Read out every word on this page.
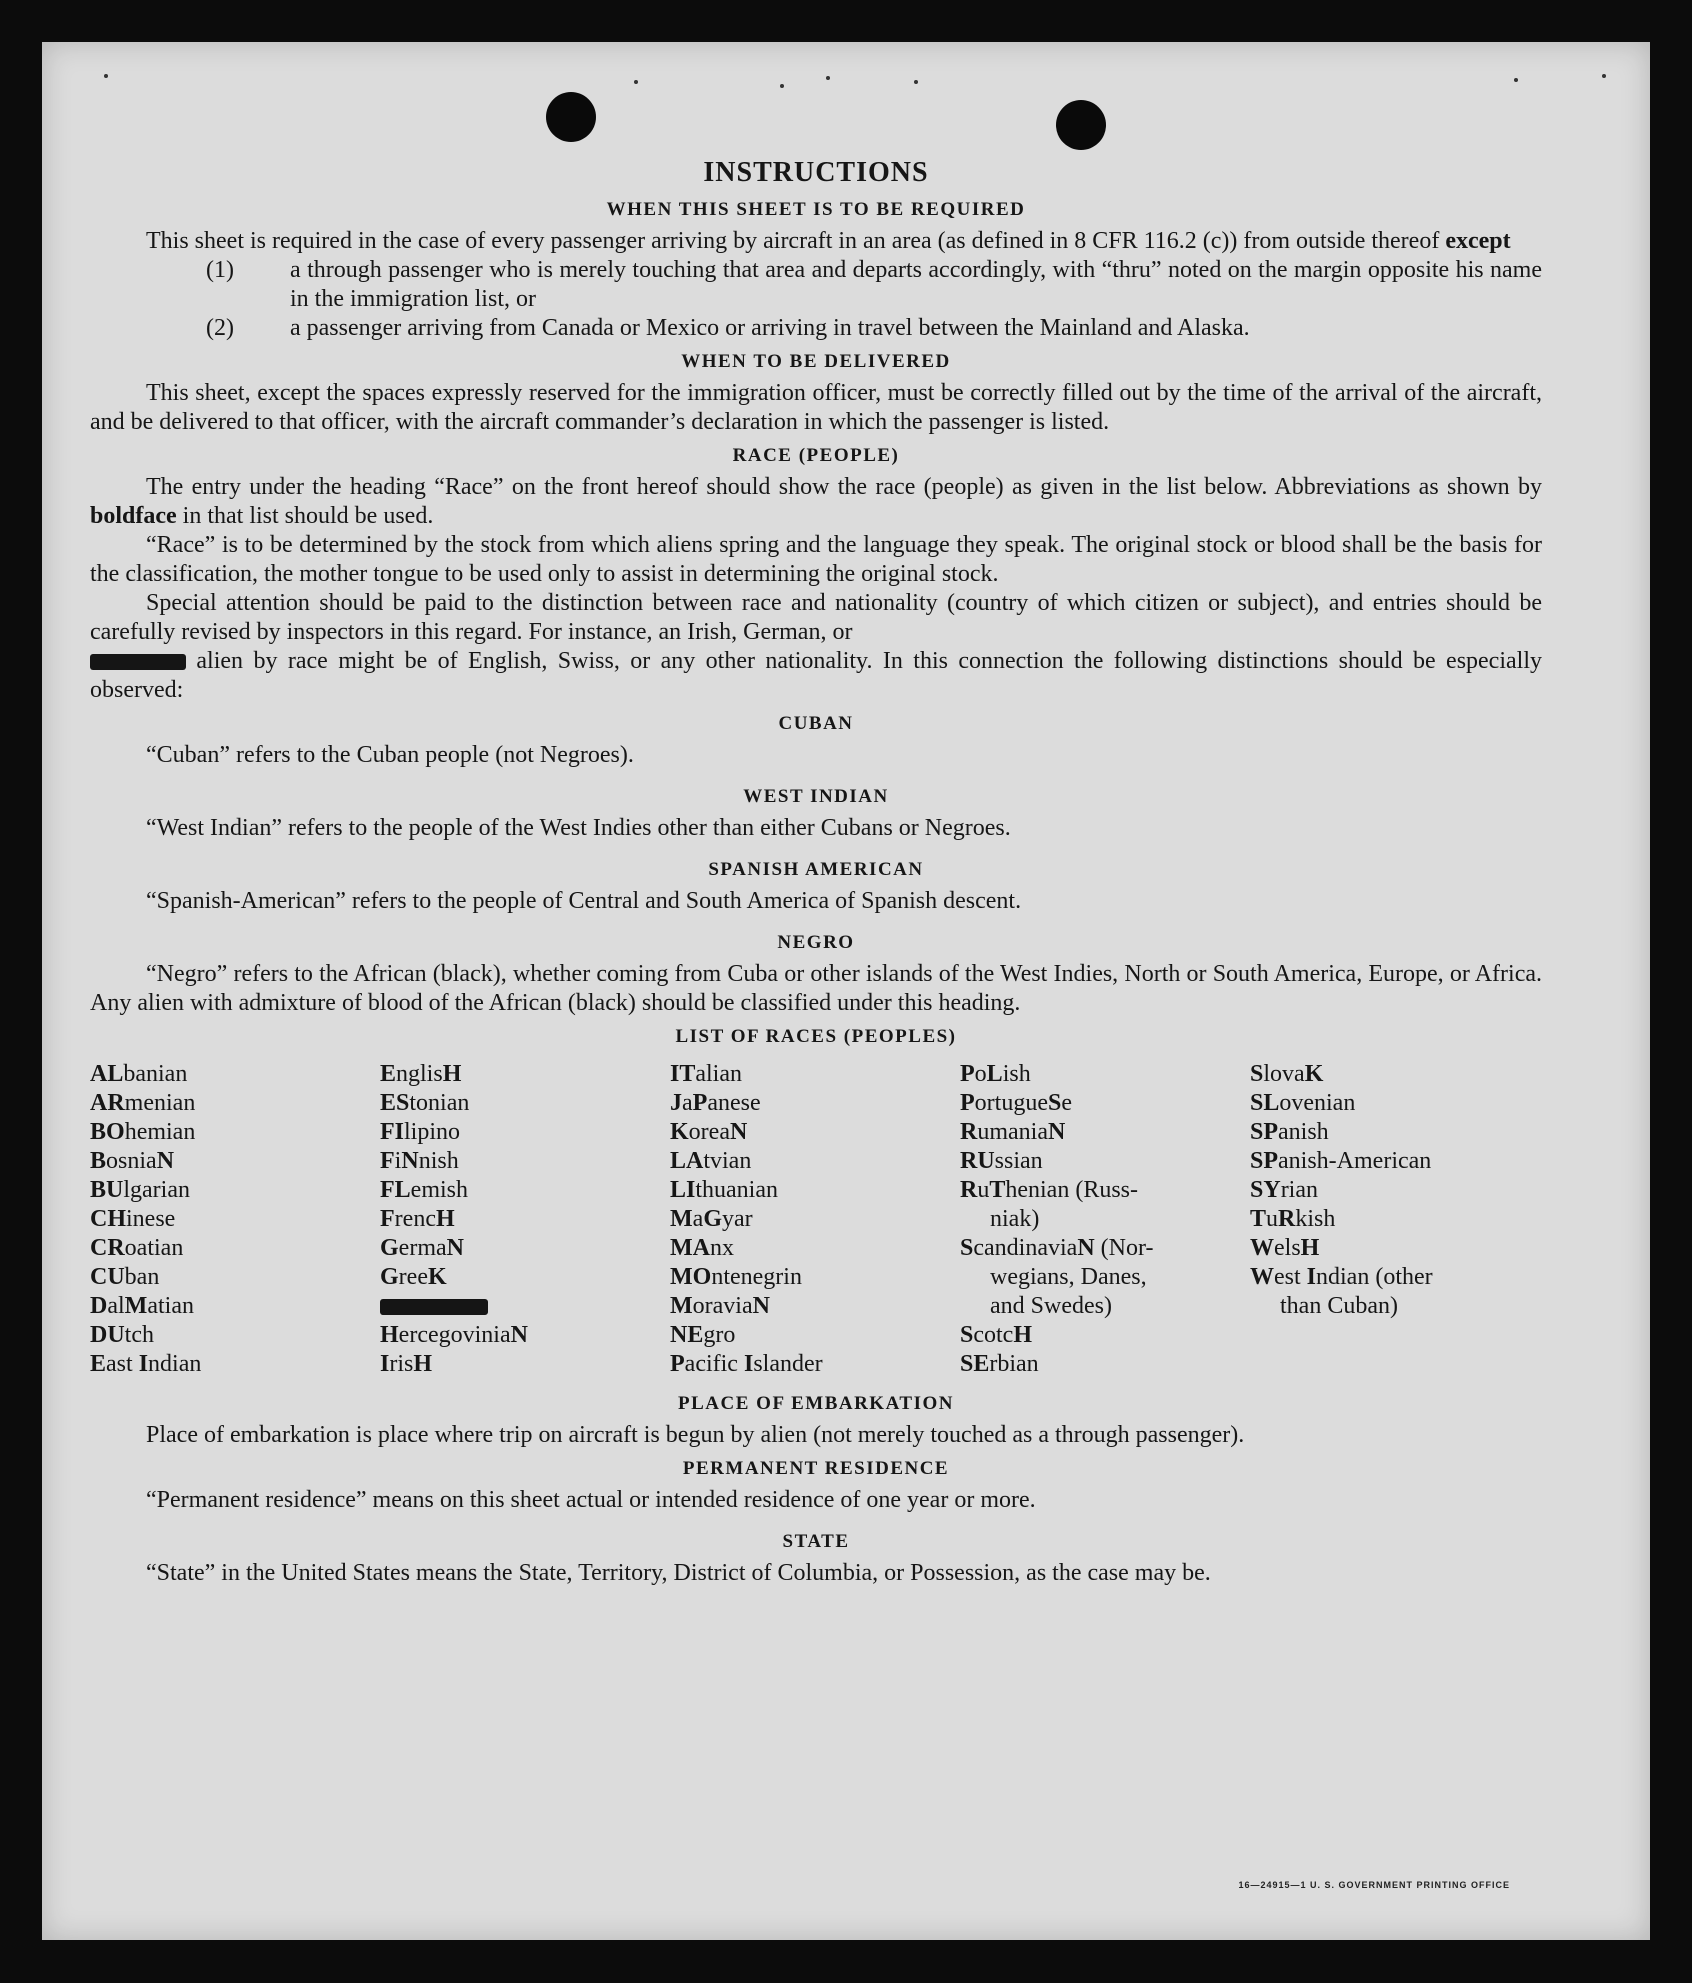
INSTRUCTIONS
WHEN THIS SHEET IS TO BE REQUIRED

This sheet is required in the case of every passenger arriving by aircraft in an area (as defined in 8 CFR 116.2 (c)) from outside thereof except

(1) a through passenger who is merely touching that area and departs accordingly, with “thru” noted on the margin opposite his name in the immigration list, or
(2) a passenger arriving from Canada or Mexico or arriving in travel between the Mainland and Alaska.
WHEN TO BE DELIVERED

This sheet, except the spaces expressly reserved for the immigration officer, must be correctly filled out by the time of the arrival of the aircraft, and be delivered to that officer, with the aircraft commander’s declaration in which the passenger is listed.

RACE (PEOPLE)

The entry under the heading “Race” on the front hereof should show the race (people) as given in the list below. Abbreviations as shown by boldface in that list should be used.

“Race” is to be determined by the stock from which aliens spring and the language they speak. The original stock or blood shall be the basis for the classification, the mother tongue to be used only to assist in determining the original stock.

Special attention should be paid to the distinction between race and nationality (country of which citizen or subject), and entries should be carefully revised by inspectors in this regard. For instance, an Irish, German, or
alien by race might be of English, Swiss, or any other nationality. In this connection the following distinctions should be especially observed:

CUBAN

“Cuban” refers to the Cuban people (not Negroes).

WEST INDIAN

“West Indian” refers to the people of the West Indies other than either Cubans or Negroes.

SPANISH AMERICAN

“Spanish-American” refers to the people of Central and South America of Spanish descent.

NEGRO

“Negro” refers to the African (black), whether coming from Cuba or other islands of the West Indies, North or South America, Europe, or Africa. Any alien with admixture of blood of the African (black) should be classified under this heading.

LIST OF RACES (PEOPLES)
ALbanian
ARmenian
BOhemian
BosniaN
BUlgarian
CHinese
CRoatian
CUban
DalMatian
DUtch
East Indian
EnglisH
EStonian
FIlipino
FiNnish
FLemish
FrencH
GermaN
GreeK
HercegoviniaN
IrisH
ITalian
JaPanese
KoreaN
LAtvian
LIthuanian
MaGyar
MAnx
MOntenegrin
MoraviaN
NEgro
Pacific Islander
PoLish
PortugueSe
RumaniaN
RUssian
RuThenian (Russ-
niak)
ScandinaviaN (Nor-
wegians, Danes,
and Swedes)
ScotcH
SErbian
SlovaK
SLovenian
SPanish
SPanish-American
SYrian
TuRkish
WelsH
West Indian (other
than Cuban)
PLACE OF EMBARKATION

Place of embarkation is place where trip on aircraft is begun by alien (not merely touched as a through passenger).

PERMANENT RESIDENCE

“Permanent residence” means on this sheet actual or intended residence of one year or more.

STATE

“State” in the United States means the State, Territory, District of Columbia, or Possession, as the case may be.

16—24915—1 U. S. GOVERNMENT PRINTING OFFICE
